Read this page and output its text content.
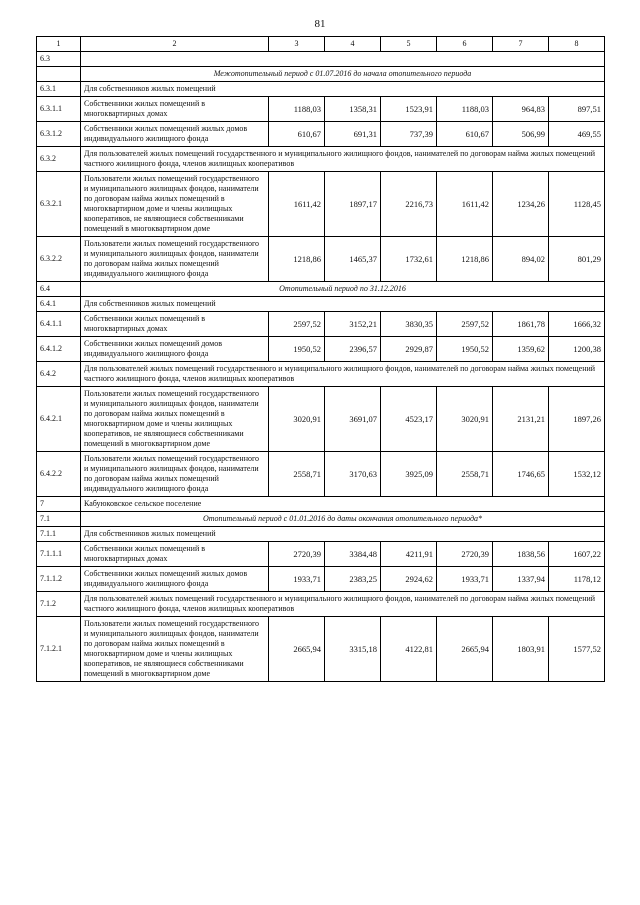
81
1	2	3	4	5	6	7	8
6.3							
	Межотопительный период с 01.07.2016 до начала отопительного периода						
6.3.1	Для собственников жилых помещений						
6.3.1.1	Собственники жилых помещений в многоквартирных домах	1188,03	1358,31	1523,91	1188,03	964,83	897,51
6.3.1.2	Собственники жилых помещений жилых домов индивидуального жилищного фонда	610,67	691,31	737,39	610,67	506,99	469,55
6.3.2	Для пользователей жилых помещений государственного и муниципального жилищного фондов, нанимателей по договорам найма жилых помещений частного жилищного фонда, членов жилищных кооперативов						
6.3.2.1	Пользователи жилых помещений государственного и муниципального жилищных фондов, наниматели по договорам найма жилых помещений в многоквартирном доме и члены жилищных кооперативов, не являющиеся собственниками помещений в многоквартирном доме	1611,42	1897,17	2216,73	1611,42	1234,26	1128,45
6.3.2.2	Пользователи жилых помещений государственного и муниципального жилищных фондов, наниматели по договорам найма жилых помещений индивидуального жилищного фонда	1218,86	1465,37	1732,61	1218,86	894,02	801,29
6.4	Отопительный период по 31.12.2016						
6.4.1	Для собственников жилых помещений						
6.4.1.1	Собственники жилых помещений в многоквартирных домах	2597,52	3152,21	3830,35	2597,52	1861,78	1666,32
6.4.1.2	Собственники жилых помещений домов индивидуального жилищного фонда	1950,52	2396,57	2929,87	1950,52	1359,62	1200,38
6.4.2	Для пользователей жилых помещений государственного и муниципального жилищного фондов, нанимателей по договорам найма жилых помещений частного жилищного фонда, членов жилищных кооперативов						
6.4.2.1	Пользователи жилых помещений государственного и муниципального жилищных фондов, наниматели по договорам найма жилых помещений в многоквартирном доме и члены жилищных кооперативов, не являющиеся собственниками помещений в многоквартирном доме	3020,91	3691,07	4523,17	3020,91	2131,21	1897,26
6.4.2.2	Пользователи жилых помещений государственного и муниципального жилищных фондов, наниматели по договорам найма жилых помещений индивидуального жилищного фонда	2558,71	3170,63	3925,09	2558,71	1746,65	1532,12
7	Кабуюковское сельское поселение						
7.1	Отопительный период с 01.01.2016 до даты окончания отопительного периода*						
7.1.1	Для собственников жилых помещений						
7.1.1.1	Собственники жилых помещений в многоквартирных домах	2720,39	3384,48	4211,91	2720,39	1838,56	1607,22
7.1.1.2	Собственники жилых помещений жилых домов индивидуального жилищного фонда	1933,71	2383,25	2924,62	1933,71	1337,94	1178,12
7.1.2	Для пользователей жилых помещений государственного и муниципального жилищного фондов, нанимателей по договорам найма жилых помещений частного жилищного фонда, членов жилищных кооперативов						
7.1.2.1	Пользователи жилых помещений государственного и муниципального жилищных фондов, наниматели по договорам найма жилых помещений в многоквартирном доме и члены жилищных кооперативов, не являющиеся собственниками помещений в многоквартирном доме	2665,94	3315,18	4122,81	2665,94	1803,91	1577,52
